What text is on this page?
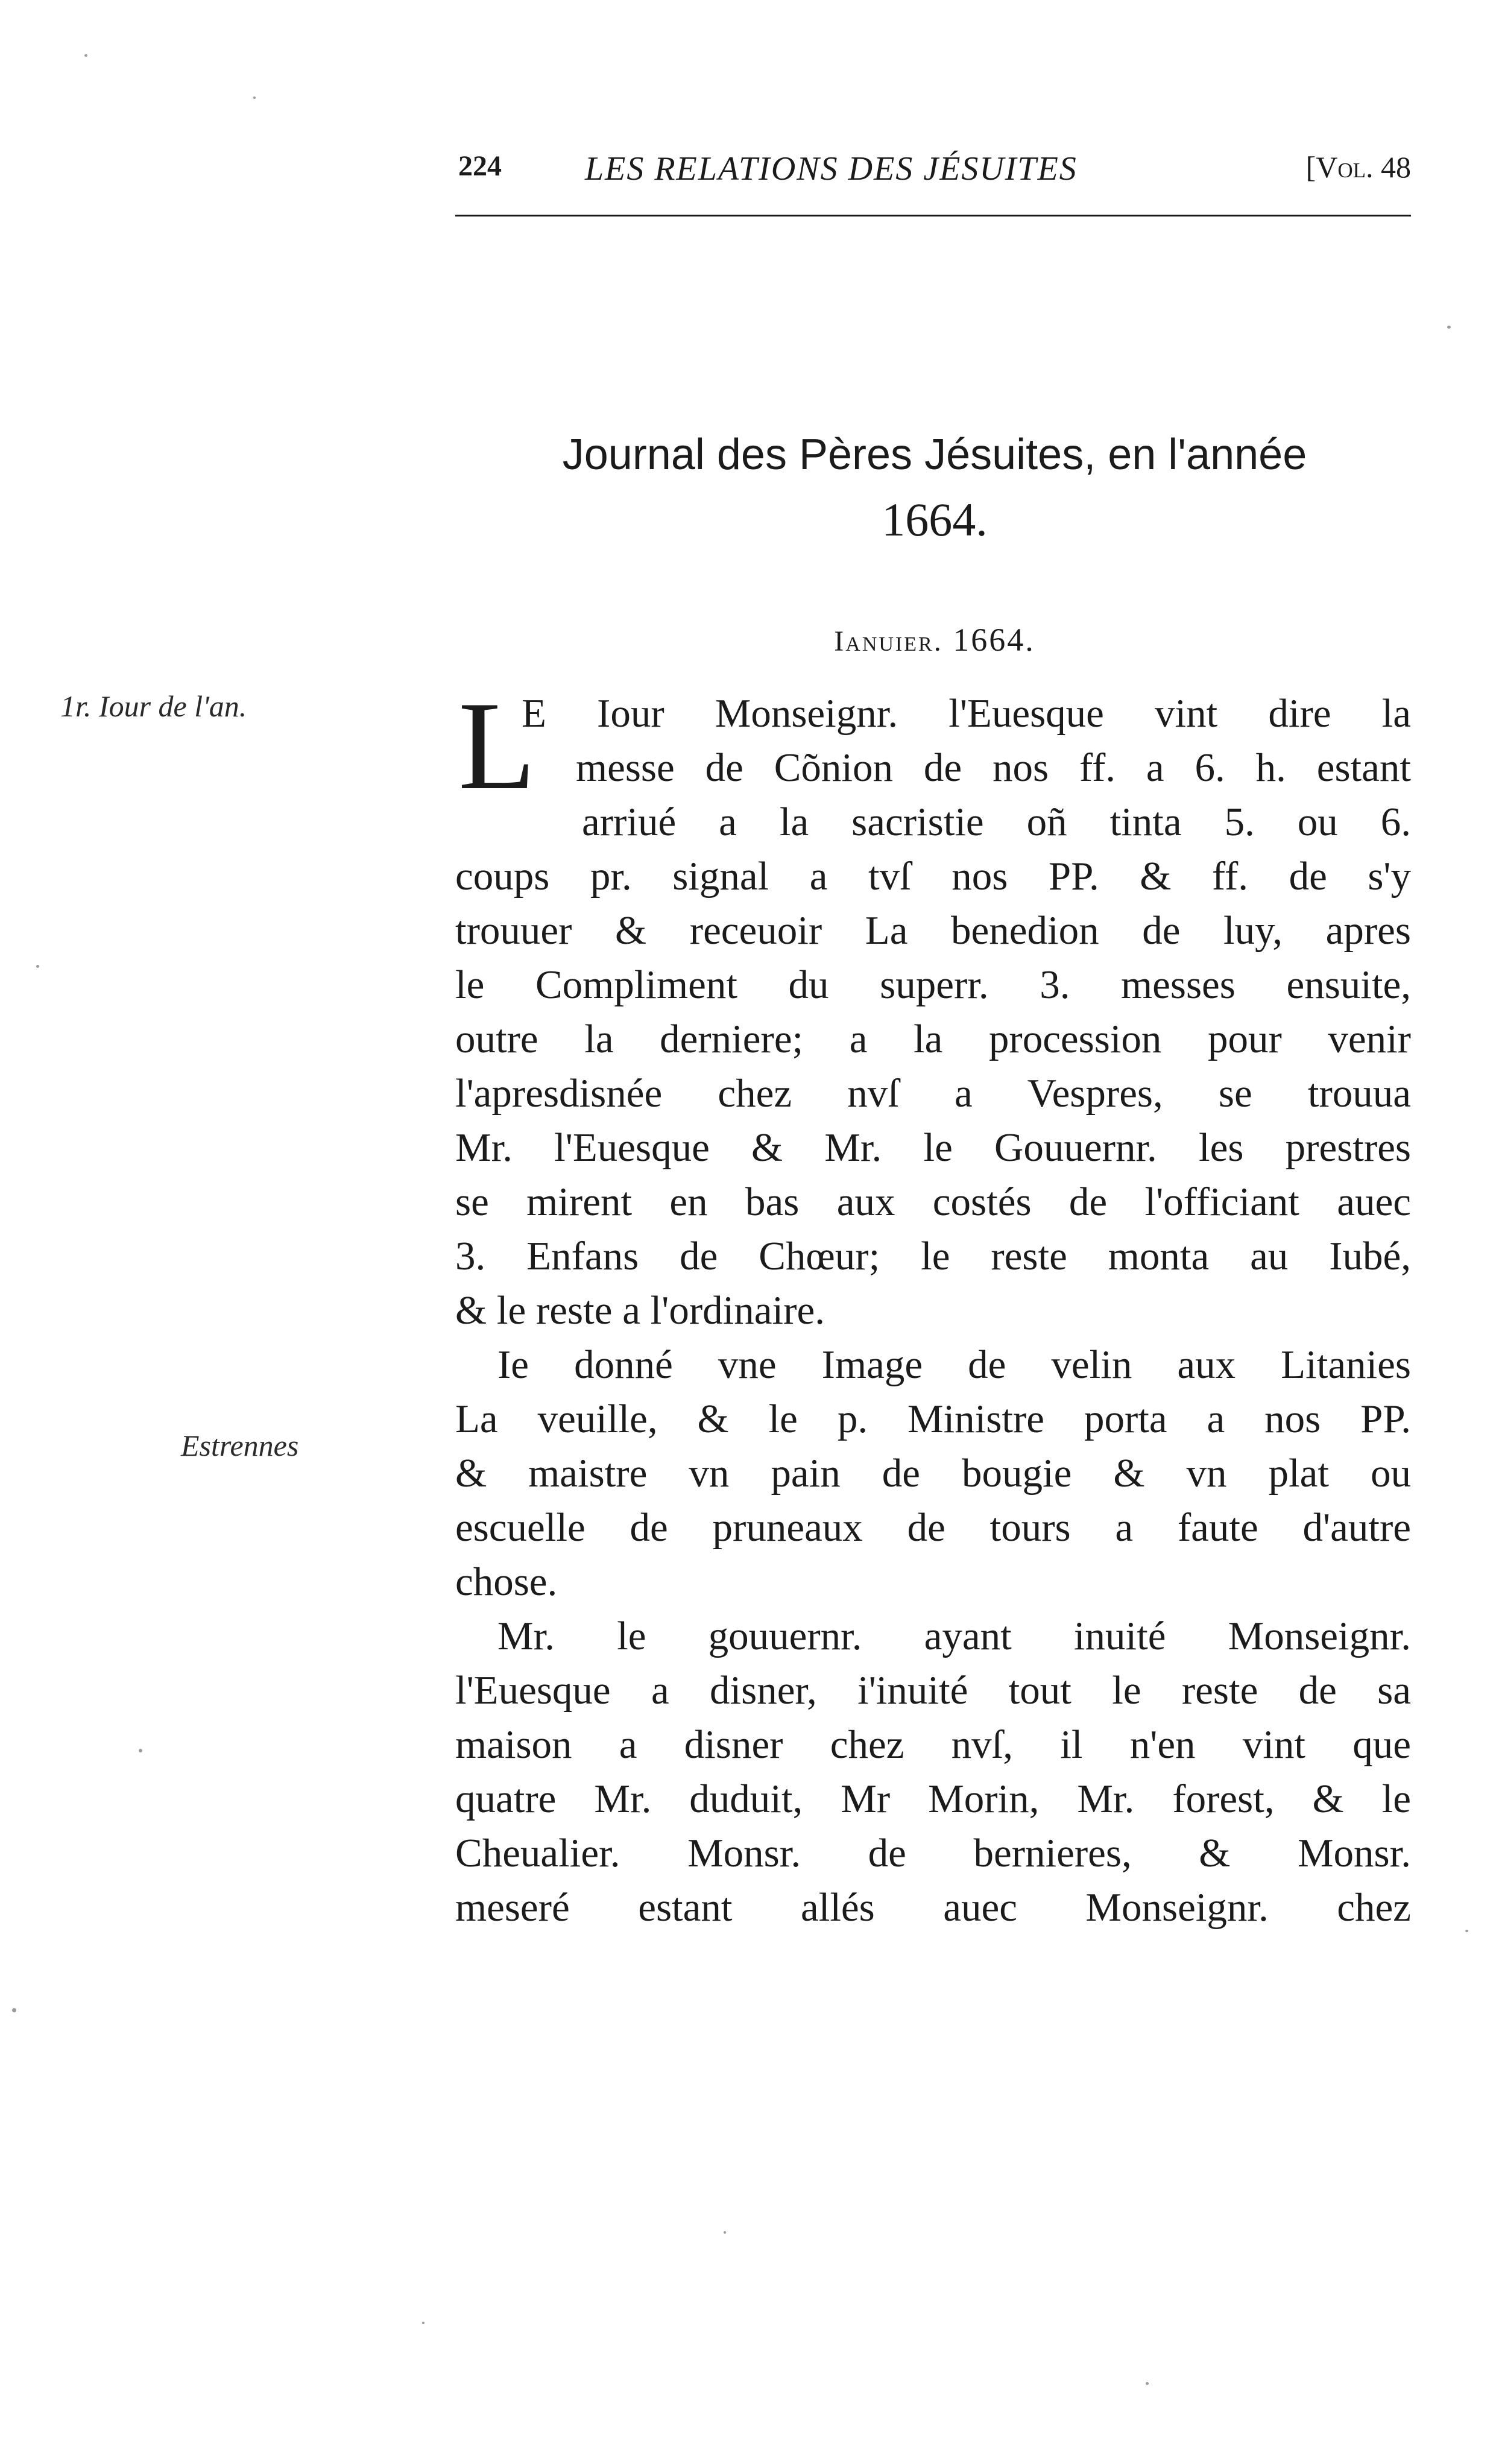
224 LES RELATIONS DES JÉSUITES	[Vol. 48
Journal des Pères Jésuites, en l'année
1664.
Ianuier. 1664.
1r. Iour de l'an.
Estrennes
L
E Iour Monseignr. l'Euesque vint dire la
messe de Cõnion de nos ff. a 6. h. estant
arriué a la sacristie oñ tinta 5. ou 6.
coups pr. signal a tvſ nos PP. & ff. de s'y
trouuer & receuoir La benedion de luy, apres
le Compliment du superr. 3. messes ensuite,
outre la derniere; a la procession pour venir
l'apresdisnée chez nvſ a Vespres, se trouua
Mr. l'Euesque & Mr. le Gouuernr. les prestres
se mirent en bas aux costés de l'officiant auec
3. Enfans de Chœur; le reste monta au Iubé,
& le reste a l'ordinaire.
Ie donné vne Image de velin aux Litanies
La veuille, & le p. Ministre porta a nos PP.
& maistre vn pain de bougie & vn plat ou
escuelle de pruneaux de tours a faute d'autre
chose.
Mr. le gouuernr. ayant inuité Monseignr.
l'Euesque a disner, i'inuité tout le reste de sa
maison a disner chez nvſ, il n'en vint que
quatre Mr. duduit, Mr Morin, Mr. forest, & le
Cheualier. Monsr. de bernieres, & Monsr.
meseré estant allés auec Monseignr. chez
